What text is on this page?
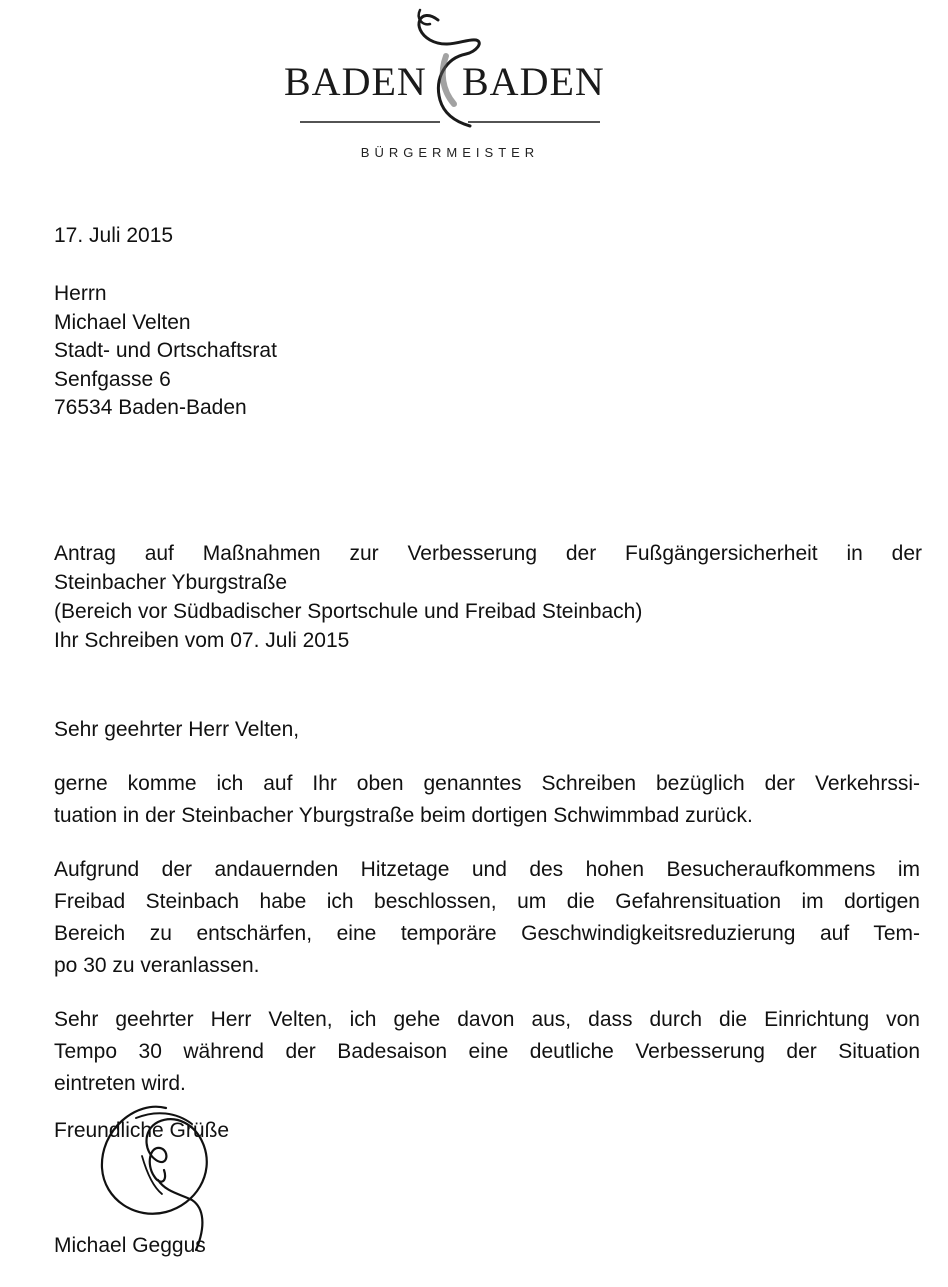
BADEN BADEN
BÜRGERMEISTER
17. Juli 2015
Herrn
Michael Velten
Stadt- und Ortschaftsrat
Senfgasse 6
76534 Baden-Baden
Antrag auf Maßnahmen zur Verbesserung der Fußgängersicherheit in der
Steinbacher Yburgstraße
(Bereich vor Südbadischer Sportschule und Freibad Steinbach)
Ihr Schreiben vom 07. Juli 2015
Sehr geehrter Herr Velten,
gerne komme ich auf Ihr oben genanntes Schreiben bezüglich der Verkehrssi-
tuation in der Steinbacher Yburgstraße beim dortigen Schwimmbad zurück.
Aufgrund der andauernden Hitzetage und des hohen Besucheraufkommens im
Freibad Steinbach habe ich beschlossen, um die Gefahrensituation im dortigen
Bereich zu entschärfen, eine temporäre Geschwindigkeitsreduzierung auf Tem-
po 30 zu veranlassen.
Sehr geehrter Herr Velten, ich gehe davon aus, dass durch die Einrichtung von
Tempo 30 während der Badesaison eine deutliche Verbesserung der Situation
eintreten wird.
Freundliche Grüße
Michael Geggus
